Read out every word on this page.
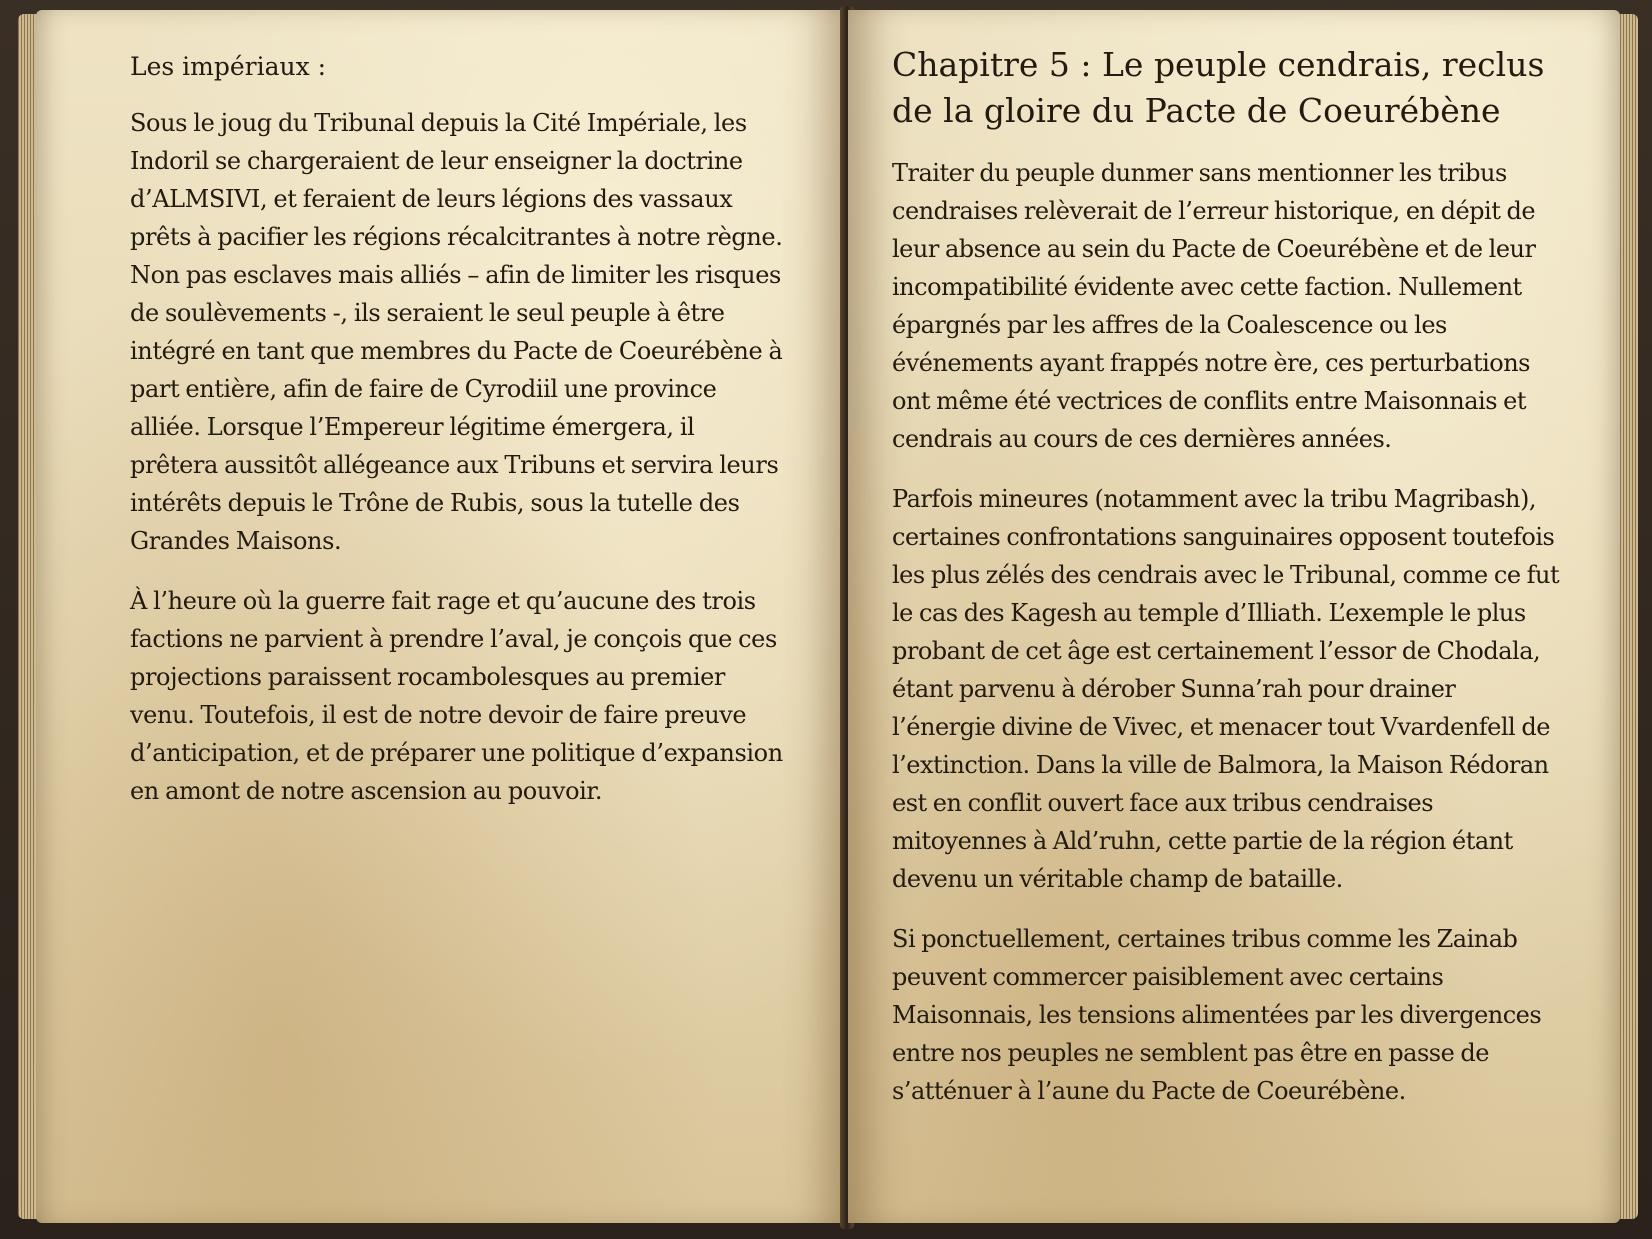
Les impériaux :

Sous le joug du Tribunal depuis la Cité Impériale, les Indoril se chargeraient de leur enseigner la doctrine d’ALMSIVI, et feraient de leurs légions des vassaux prêts à pacifier les régions récalcitrantes à notre règne. Non pas esclaves mais alliés – afin de limiter les risques de soulèvements -, ils seraient le seul peuple à être intégré en tant que membres du Pacte de Coeurébène à part entière, afin de faire de Cyrodiil une province alliée. Lorsque l’Empereur légitime émergera, il prêtera aussitôt allégeance aux Tribuns et servira leurs intérêts depuis le Trône de Rubis, sous la tutelle des Grandes Maisons.

À l’heure où la guerre fait rage et qu’aucune des trois factions ne parvient à prendre l’aval, je conçois que ces projections paraissent rocambolesques au premier venu. Toutefois, il est de notre devoir de faire preuve d’anticipation, et de préparer une politique d’expansion en amont de notre ascension au pouvoir.

Chapitre 5 : Le peuple cendrais, reclus de la gloire du Pacte de Coeurébène

Traiter du peuple dunmer sans mentionner les tribus cendraises relèverait de l’erreur historique, en dépit de leur absence au sein du Pacte de Coeurébène et de leur incompatibilité évidente avec cette faction. Nullement épargnés par les affres de la Coalescence ou les événements ayant frappés notre ère, ces perturbations ont même été vectrices de conflits entre Maisonnais et cendrais au cours de ces dernières années.

Parfois mineures (notamment avec la tribu Magribash), certaines confrontations sanguinaires opposent toutefois les plus zélés des cendrais avec le Tribunal, comme ce fut le cas des Kagesh au temple d’Illiath. L’exemple le plus probant de cet âge est certainement l’essor de Chodala, étant parvenu à dérober Sunna’rah pour drainer l’énergie divine de Vivec, et menacer tout Vvardenfell de l’extinction. Dans la ville de Balmora, la Maison Rédoran est en conflit ouvert face aux tribus cendraises mitoyennes à Ald’ruhn, cette partie de la région étant devenu un véritable champ de bataille.

Si ponctuellement, certaines tribus comme les Zainab peuvent commercer paisiblement avec certains Maisonnais, les tensions alimentées par les divergences entre nos peuples ne semblent pas être en passe de s’atténuer à l’aune du Pacte de Coeurébène.
